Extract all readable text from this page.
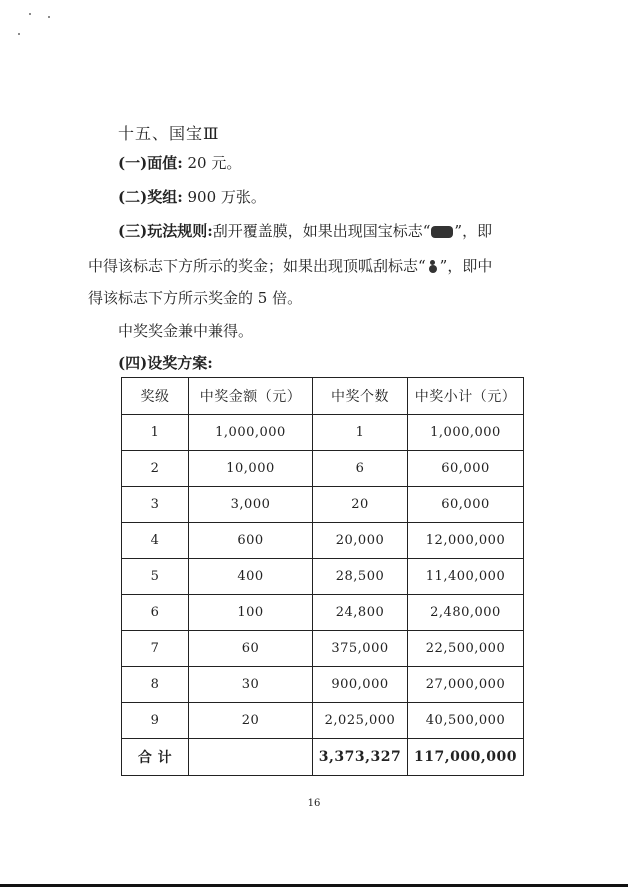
十五、国宝Ⅲ
(一)面值: 20 元。
(二)奖组: 900 万张。
(三)玩法规则:刮开覆盖膜，如果出现国宝标志“ ”，即
中得该标志下方所示的奖金；如果出现顶呱刮标志“ ”，即中
得该标志下方所示奖金的 5 倍。
中奖奖金兼中兼得。
(四)设奖方案:
奖级	中奖金额（元）	中奖个数	中奖小计（元）
1	1,000,000	1	1,000,000
2	10,000	6	60,000
3	3,000	20	60,000
4	600	20,000	12,000,000
5	400	28,500	11,400,000
6	100	24,800	2,480,000
7	60	375,000	22,500,000
8	30	900,000	27,000,000
9	20	2,025,000	40,500,000
合 计		3,373,327	117,000,000
16
